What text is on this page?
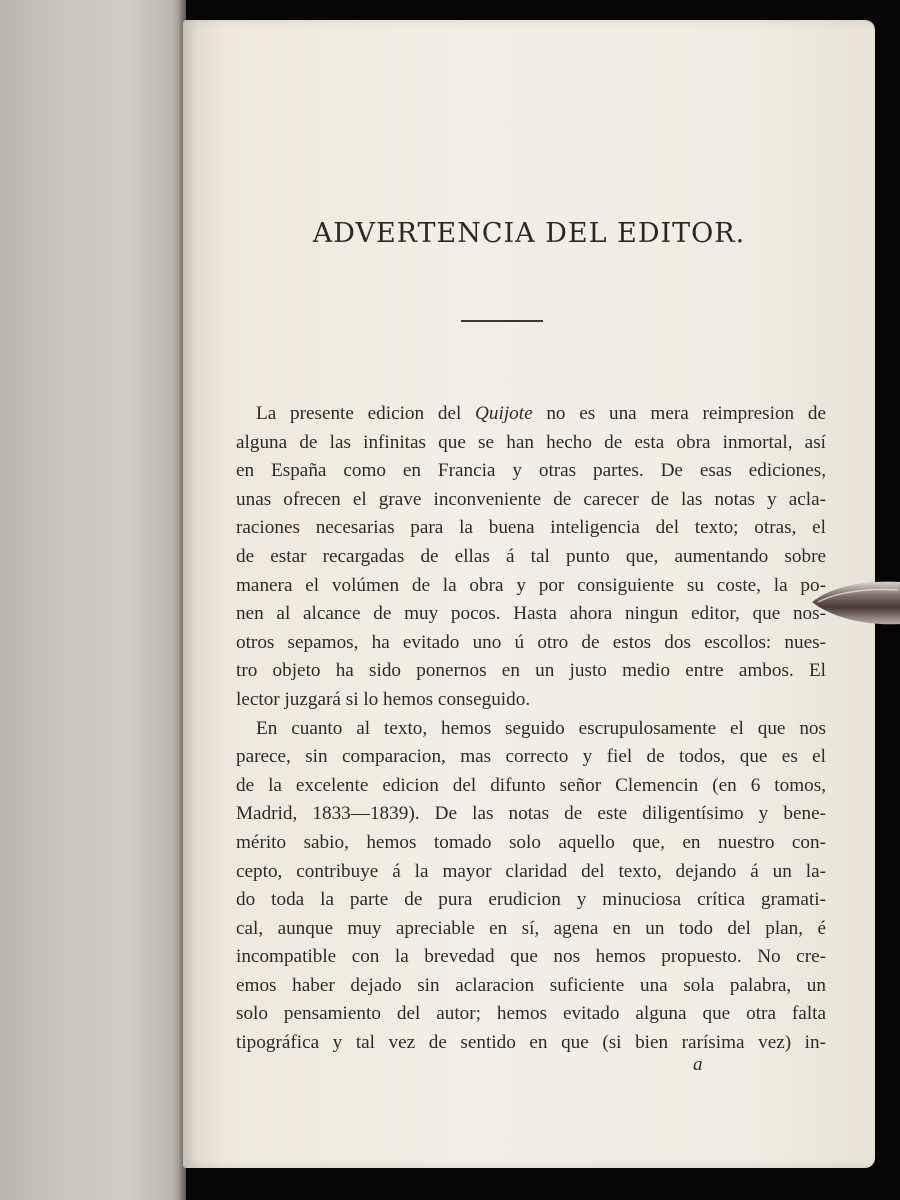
ADVERTENCIA DEL EDITOR.
La presente edicion del Quijote no es una mera reimpresion de
alguna de las infinitas que se han hecho de esta obra inmortal, así
en España como en Francia y otras partes. De esas ediciones,
unas ofrecen el grave inconveniente de carecer de las notas y acla-
raciones necesarias para la buena inteligencia del texto; otras, el
de estar recargadas de ellas á tal punto que, aumentando sobre
manera el volúmen de la obra y por consiguiente su coste, la po-
nen al alcance de muy pocos. Hasta ahora ningun editor, que nos-
otros sepamos, ha evitado uno ú otro de estos dos escollos: nues-
tro objeto ha sido ponernos en un justo medio entre ambos. El
lector juzgará si lo hemos conseguido.
En cuanto al texto, hemos seguido escrupulosamente el que nos
parece, sin comparacion, mas correcto y fiel de todos, que es el
de la excelente edicion del difunto señor Clemencin (en 6 tomos,
Madrid, 1833—1839). De las notas de este diligentísimo y bene-
mérito sabio, hemos tomado solo aquello que, en nuestro con-
cepto, contribuye á la mayor claridad del texto, dejando á un la-
do toda la parte de pura erudicion y minuciosa crítica gramati-
cal, aunque muy apreciable en sí, agena en un todo del plan, é
incompatible con la brevedad que nos hemos propuesto. No cre-
emos haber dejado sin aclaracion suficiente una sola palabra, un
solo pensamiento del autor; hemos evitado alguna que otra falta
tipográfica y tal vez de sentido en que (si bien rarísima vez) in-
a
